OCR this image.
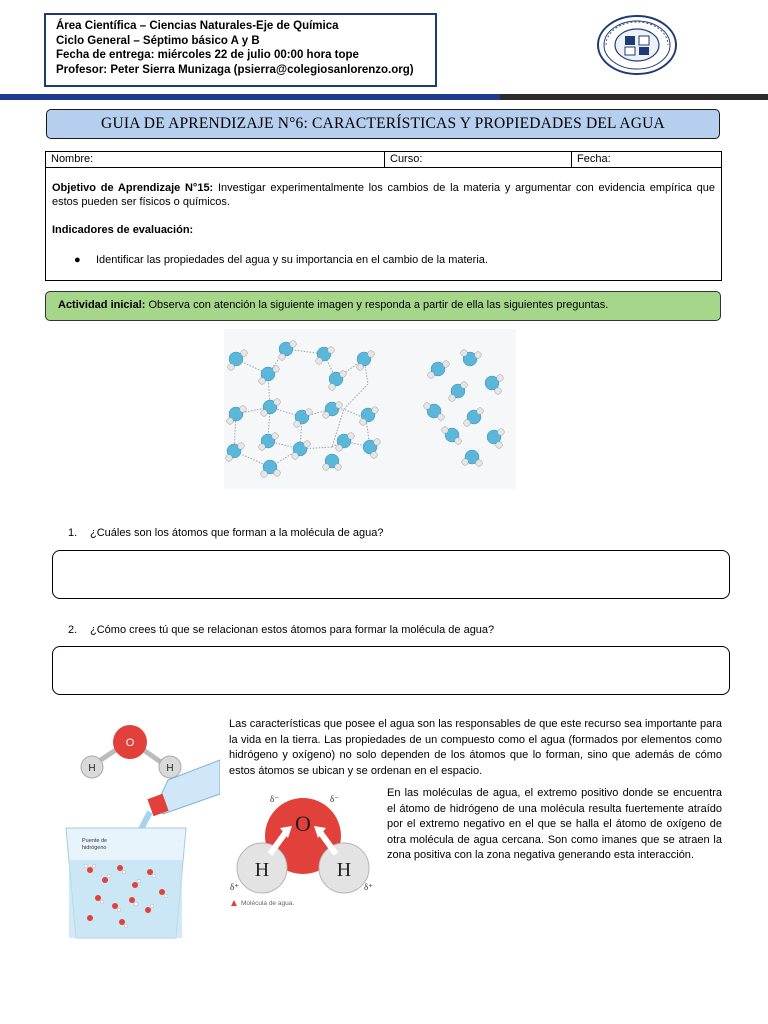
Área Científica – Ciencias Naturales-Eje de Química
Ciclo General – Séptimo básico A y B
Fecha de entrega: miércoles 22 de julio 00:00 hora tope
Profesor: Peter Sierra Munizaga (psierra@colegiosanlorenzo.org)
GUIA DE APRENDIZAJE N°6: CARACTERÍSTICAS Y PROPIEDADES DEL AGUA
Nombre:	Curso:	Fecha:
Objetivo de Aprendizaje N°15: Investigar experimentalmente los cambios de la materia y argumentar con evidencia empírica que estos pueden ser físicos o químicos.
Indicadores de evaluación:
● Identificar las propiedades del agua y su importancia en el cambio de la materia.
Actividad inicial: Observa con atención la siguiente imagen y responda a partir de ella las siguientes preguntas.
1. ¿Cuáles son los átomos que forman a la molécula de agua?
2. ¿Cómo crees tú que se relacionan estos átomos para formar la molécula de agua?
Las características que posee el agua son las responsables de que este recurso sea importante para la vida en la tierra. Las propiedades de un compuesto como el agua (formados por elementos como hidrógeno y oxígeno) no solo dependen de los átomos que lo forman, sino que además de cómo estos átomos se ubican y se ordenan en el espacio.
En las moléculas de agua, el extremo positivo donde se encuentra el átomo de hidrógeno de una molécula resulta fuertemente atraído por el extremo negativo en el que se halla el átomo de oxígeno de otra molécula de agua cercana. Son como imanes que se atraen la zona positiva con la zona negativa generando esta interacción.
O
H	H
Puente de
hidrógeno
O
H	H
δ⁻	δ⁻
δ⁺	δ⁺
Molécula de agua.
